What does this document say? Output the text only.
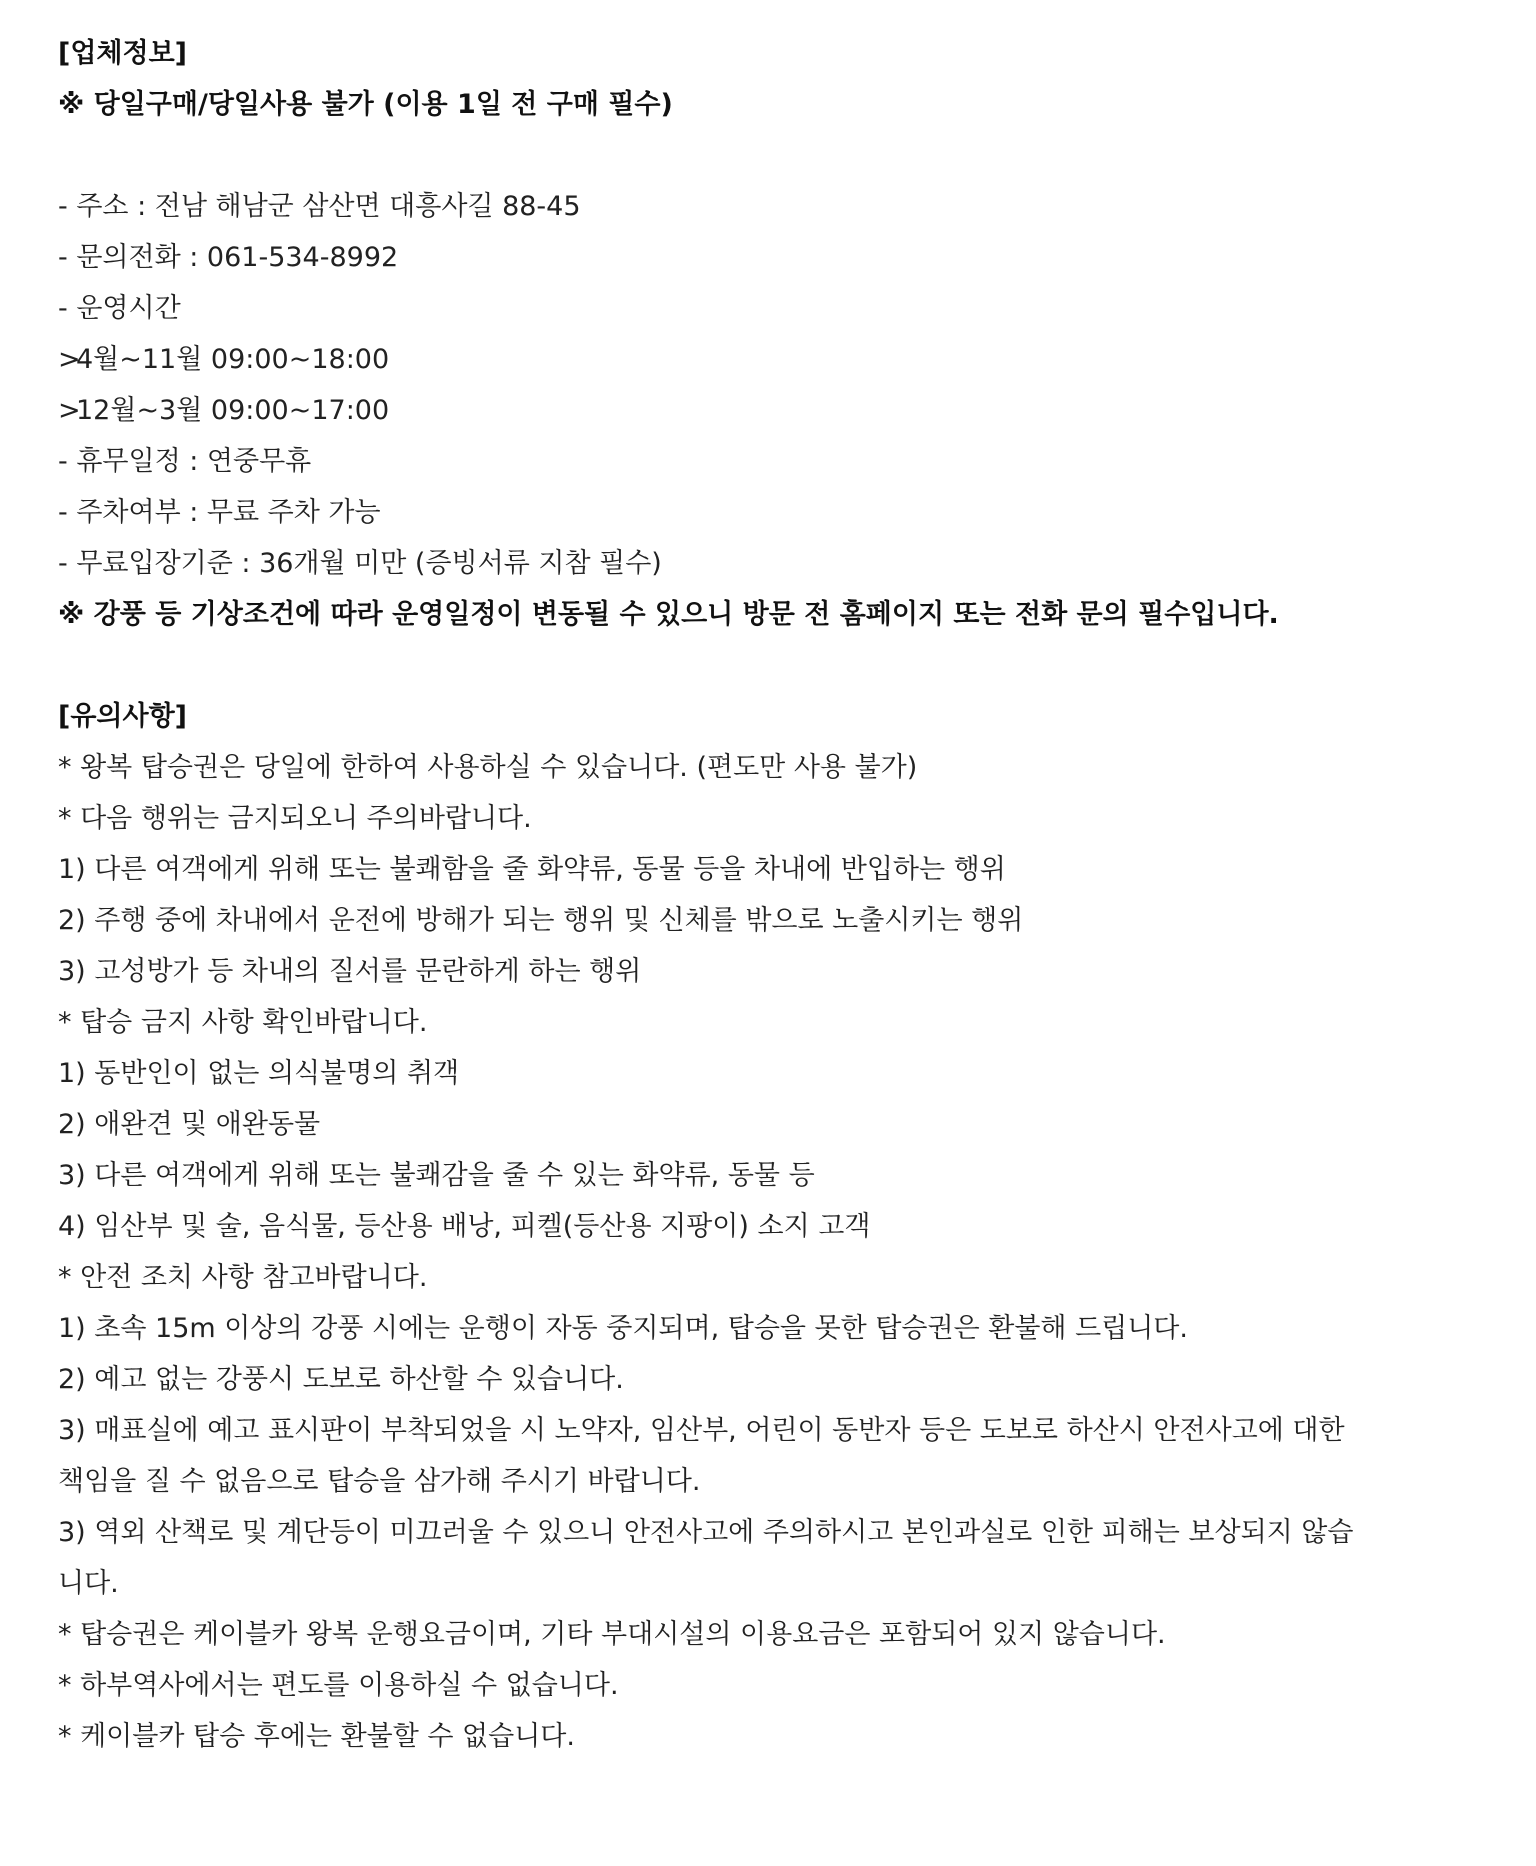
[업체정보]
※ 당일구매/당일사용 불가 (이용 1일 전 구매 필수)
- 주소 : 전남 해남군 삼산면 대흥사길 88-45
- 문의전화 : 061-534-8992
- 운영시간
>4월~11월 09:00~18:00
>12월~3월 09:00~17:00
- 휴무일정 : 연중무휴
- 주차여부 : 무료 주차 가능
- 무료입장기준 : 36개월 미만 (증빙서류 지참 필수)
※ 강풍 등 기상조건에 따라 운영일정이 변동될 수 있으니 방문 전 홈페이지 또는 전화 문의 필수입니다.
[유의사항]
* 왕복 탑승권은 당일에 한하여 사용하실 수 있습니다. (편도만 사용 불가)
* 다음 행위는 금지되오니 주의바랍니다.
1) 다른 여객에게 위해 또는 불쾌함을 줄 화약류, 동물 등을 차내에 반입하는 행위
2) 주행 중에 차내에서 운전에 방해가 되는 행위 및 신체를 밖으로 노출시키는 행위
3) 고성방가 등 차내의 질서를 문란하게 하는 행위
* 탑승 금지 사항 확인바랍니다.
1) 동반인이 없는 의식불명의 취객
2) 애완견 및 애완동물
3) 다른 여객에게 위해 또는 불쾌감을 줄 수 있는 화약류, 동물 등
4) 임산부 및 술, 음식물, 등산용 배낭, 피켈(등산용 지팡이) 소지 고객
* 안전 조치 사항 참고바랍니다.
1) 초속 15m 이상의 강풍 시에는 운행이 자동 중지되며, 탑승을 못한 탑승권은 환불해 드립니다.
2) 예고 없는 강풍시 도보로 하산할 수 있습니다.
3) 매표실에 예고 표시판이 부착되었을 시 노약자, 임산부, 어린이 동반자 등은 도보로 하산시 안전사고에 대한
책임을 질 수 없음으로 탑승을 삼가해 주시기 바랍니다.
3) 역외 산책로 및 계단등이 미끄러울 수 있으니 안전사고에 주의하시고 본인과실로 인한 피해는 보상되지 않습
니다.
* 탑승권은 케이블카 왕복 운행요금이며, 기타 부대시설의 이용요금은 포함되어 있지 않습니다.
* 하부역사에서는 편도를 이용하실 수 없습니다.
* 케이블카 탑승 후에는 환불할 수 없습니다.
